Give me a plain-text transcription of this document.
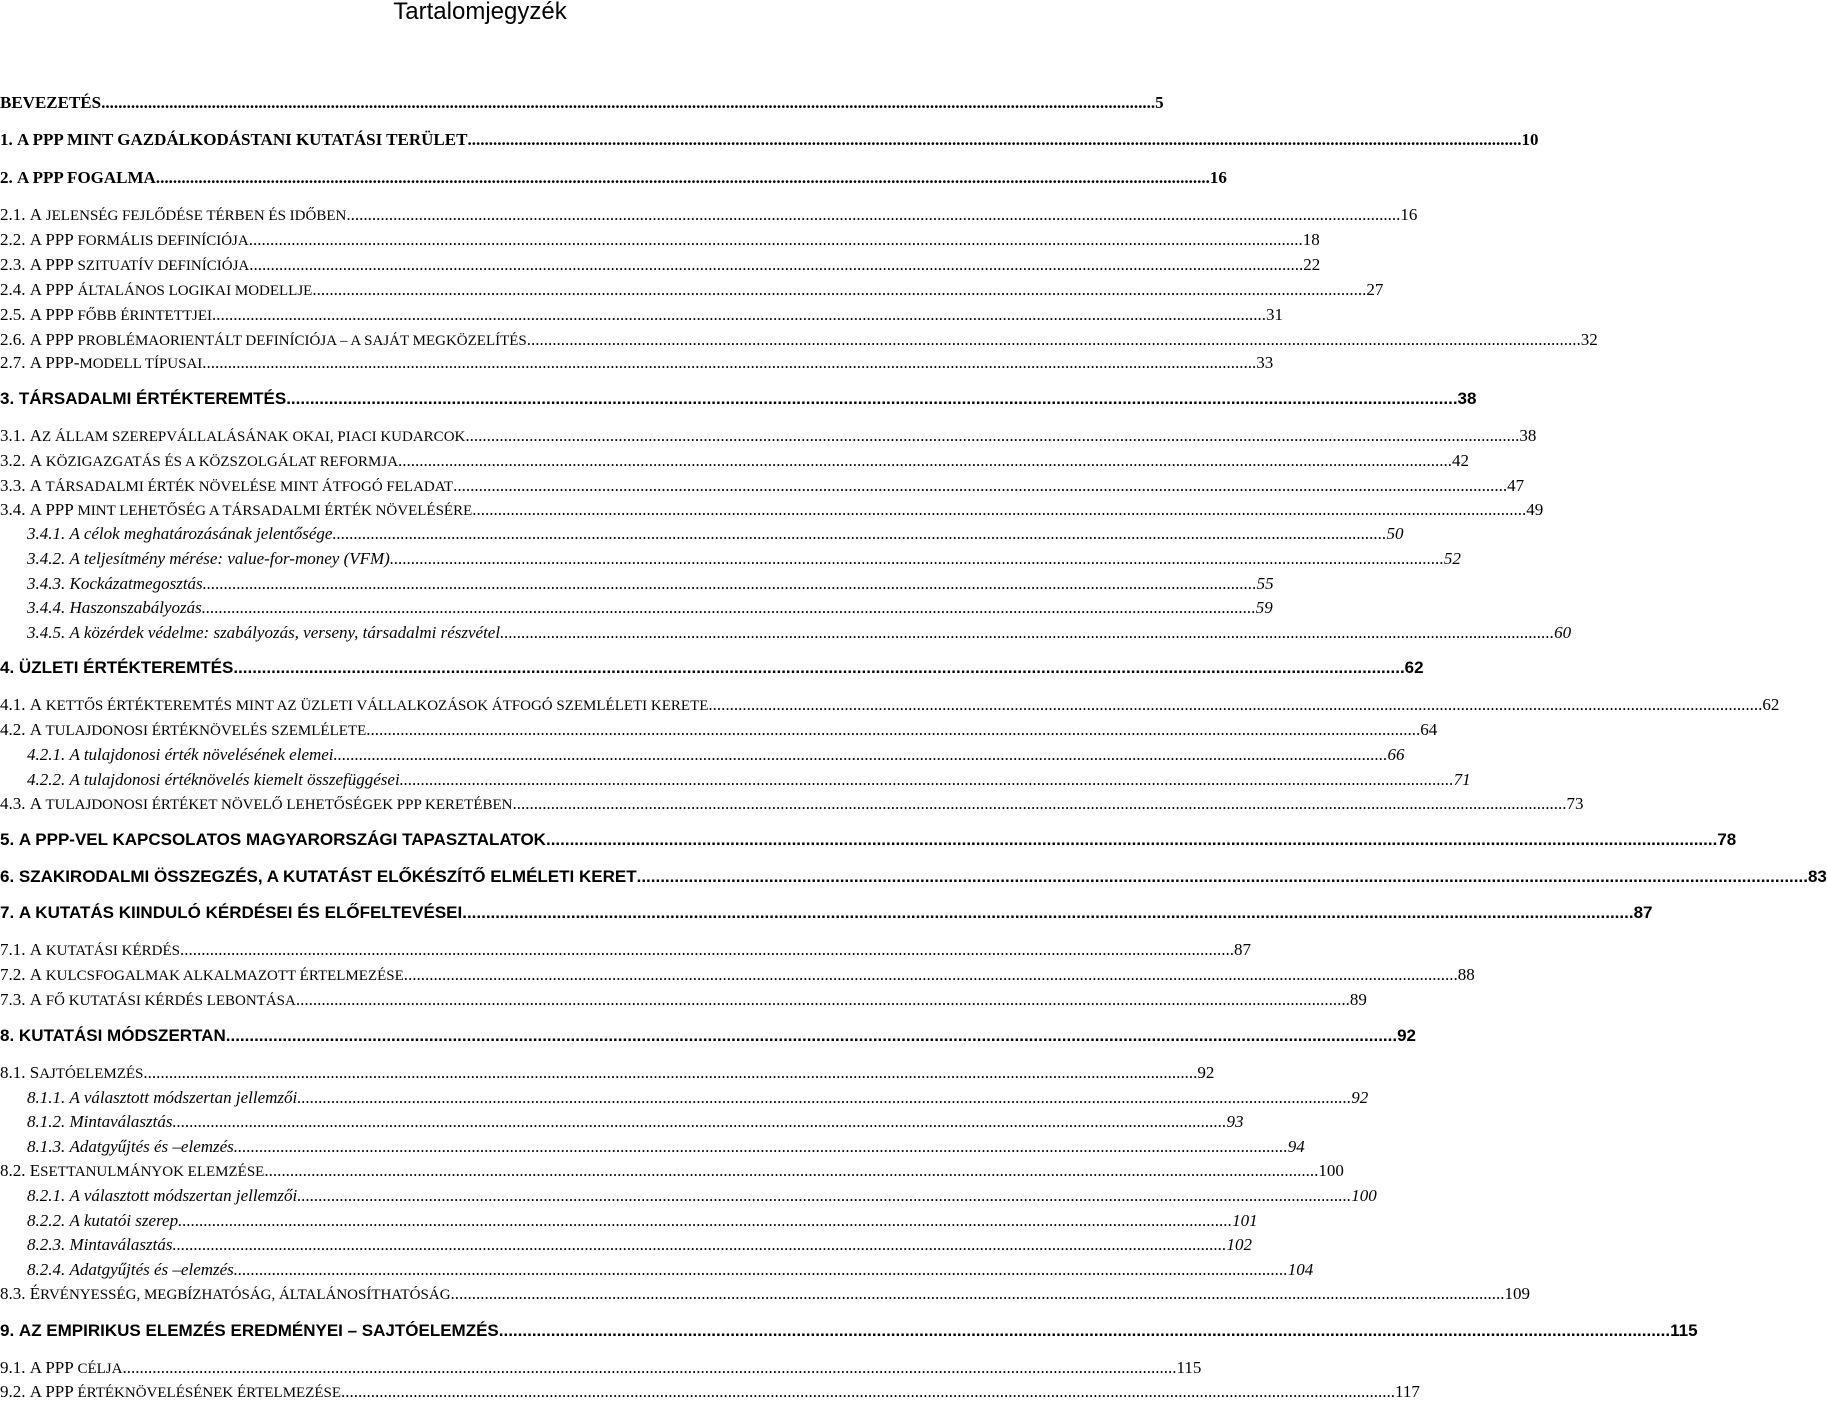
Tartalomjegyzék
BEVEZETÉS .....	5
1.
A PPP MINT GAZDÁLKODÁSTANI KUTATÁSI TERÜLET .....	10
2.
A PPP FOGALMA .....	16
2.1.
A JELENSÉG FEJLŐDÉSE TÉRBEN ÉS IDŐBEN .....	16
2.2.
A PPP FORMÁLIS DEFINÍCIÓJA .....	18
2.3.
A PPP SZITUATÍV DEFINÍCIÓJA .....	22
2.4.
A PPP ÁLTALÁNOS LOGIKAI MODELLJE .....	27
2.5.
A PPP FŐBB ÉRINTETTJEI .....	31
2.6.
A PPP PROBLÉMAORIENTÁLT DEFINÍCIÓJA – A SAJÁT MEGKÖZELÍTÉS .....	32
2.7.
A PPP-MODELL TÍPUSAI .....	33
3.
TÁRSADALMI ÉRTÉKTEREMTÉS .....	38
3.1.
AZ ÁLLAM SZEREPVÁLLALÁSÁNAK OKAI, PIACI KUDARCOK .....	38
3.2.
A KÖZIGAZGATÁS ÉS A KÖZSZOLGÁLAT REFORMJA .....	42
3.3.
A TÁRSADALMI ÉRTÉK NÖVELÉSE MINT ÁTFOGÓ FELADAT .....	47
3.4.
A PPP MINT LEHETŐSÉG A TÁRSADALMI ÉRTÉK NÖVELÉSÉRE .....	49
3.4.1.
A célok meghatározásának jelentősége .....	50
3.4.2.
A teljesítmény mérése: value-for-money (VFM) .....	52
3.4.3.
Kockázatmegosztás .....	55
3.4.4.
Haszonszabályozás .....	59
3.4.5.
A közérdek védelme: szabályozás, verseny, társadalmi részvétel .....	60
4.
ÜZLETI ÉRTÉKTEREMTÉS .....	62
4.1.
A KETTŐS ÉRTÉKTEREMTÉS MINT AZ ÜZLETI VÁLLALKOZÁSOK ÁTFOGÓ SZEMLÉLETI KERETE .....	62
4.2.
A TULAJDONOSI ÉRTÉKNÖVELÉS SZEMLÉLETE .....	64
4.2.1.
A tulajdonosi érték növelésének elemei .....	66
4.2.2.
A tulajdonosi értéknövelés kiemelt összefüggései .....	71
4.3.
A TULAJDONOSI ÉRTÉKET NÖVELŐ LEHETŐSÉGEK PPP KERETÉBEN .....	73
5.
A PPP-VEL KAPCSOLATOS MAGYARORSZÁGI TAPASZTALATOK .....	78
6.
SZAKIRODALMI ÖSSZEGZÉS, A KUTATÁST ELŐKÉSZÍTŐ ELMÉLETI KERET .....	83
7.
A KUTATÁS KIINDULÓ KÉRDÉSEI ÉS ELŐFELTEVÉSEI .....	87
7.1.
A KUTATÁSI KÉRDÉS .....	87
7.2.
A KULCSFOGALMAK ALKALMAZOTT ÉRTELMEZÉSE .....	88
7.3.
A FŐ KUTATÁSI KÉRDÉS LEBONTÁSA .....	89
8.
KUTATÁSI MÓDSZERTAN .....	92
8.1.
SAJTÓELEMZÉS .....	92
8.1.1.
A választott módszertan jellemzői .....	92
8.1.2.
Mintaválasztás .....	93
8.1.3.
Adatgyűjtés és –elemzés .....	94
8.2.
ESETTANULMÁNYOK ELEMZÉSE .....	100
8.2.1.
A választott módszertan jellemzői .....	100
8.2.2.
A kutatói szerep .....	101
8.2.3.
Mintaválasztás .....	102
8.2.4.
Adatgyűjtés és –elemzés .....	104
8.3.
ÉRVÉNYESSÉG, MEGBÍZHATÓSÁG, ÁLTALÁNOSÍTHATÓSÁG .....	109
9.
AZ EMPIRIKUS ELEMZÉS EREDMÉNYEI – SAJTÓELEMZÉS .....	115
9.1.
A PPP CÉLJA .....	115
9.2.
A PPP ÉRTÉKNÖVELÉSÉNEK ÉRTELMEZÉSE .....	117
